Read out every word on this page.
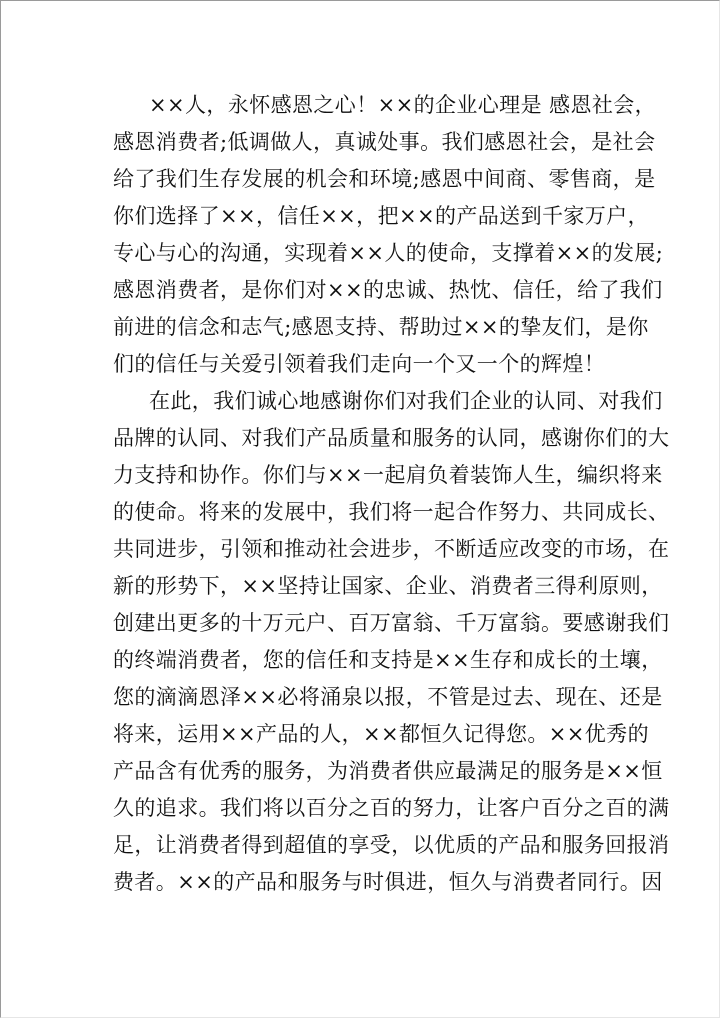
××人，永怀感恩之心！××的企业心理是 感恩社会，
感恩消费者;低调做人，真诚处事。我们感恩社会，是社会
给了我们生存发展的机会和环境;感恩中间商、零售商，是
你们选择了××，信任××，把××的产品送到千家万户，
专心与心的沟通，实现着××人的使命，支撑着××的发展;
感恩消费者，是你们对××的忠诚、热忱、信任，给了我们
前进的信念和志气;感恩支持、帮助过××的挚友们，是你
们的信任与关爱引领着我们走向一个又一个的辉煌！
在此，我们诚心地感谢你们对我们企业的认同、对我们
品牌的认同、对我们产品质量和服务的认同，感谢你们的大
力支持和协作。你们与××一起肩负着装饰人生，编织将来
的使命。将来的发展中，我们将一起合作努力、共同成长、
共同进步，引领和推动社会进步，不断适应改变的市场，在
新的形势下，××坚持让国家、企业、消费者三得利原则，
创建出更多的十万元户、百万富翁、千万富翁。要感谢我们
的终端消费者，您的信任和支持是××生存和成长的土壤，
您的滴滴恩泽××必将涌泉以报，不管是过去、现在、还是
将来，运用××产品的人，××都恒久记得您。××优秀的
产品含有优秀的服务，为消费者供应最满足的服务是××恒
久的追求。我们将以百分之百的努力，让客户百分之百的满
足，让消费者得到超值的享受，以优质的产品和服务回报消
费者。××的产品和服务与时俱进，恒久与消费者同行。因
